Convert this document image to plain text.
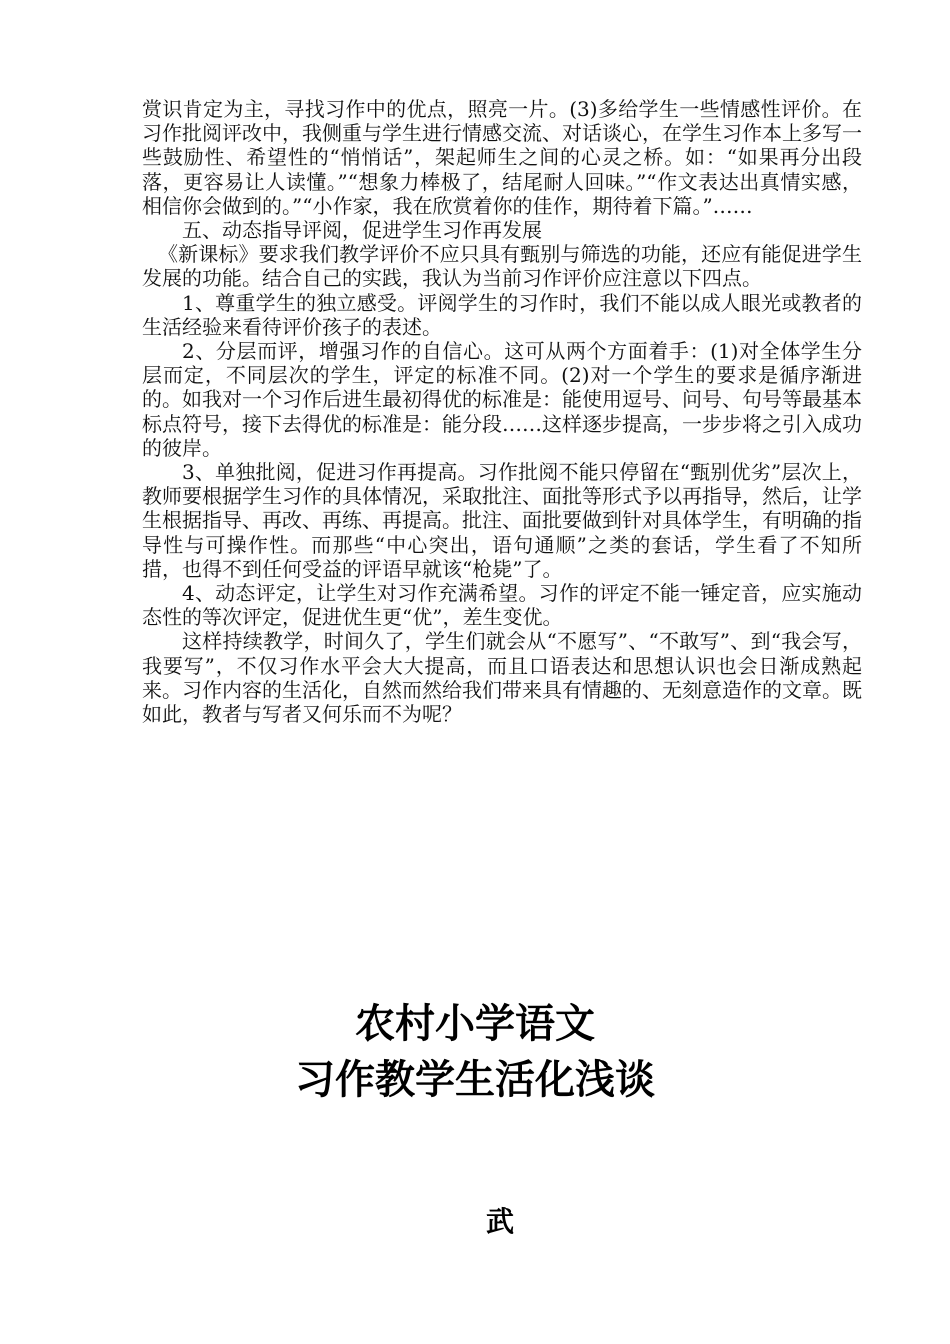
赏识肯定为主，寻找习作中的优点，照亮一片。(3)多给学生一些情感性评价。在习作批阅评改中，我侧重与学生进行情感交流、对话谈心，在学生习作本上多写一些鼓励性、希望性的“悄悄话”，架起师生之间的心灵之桥。如：“如果再分出段落，更容易让人读懂。”“想象力棒极了，结尾耐人回味。”“作文表达出真情实感，相信你会做到的。”“小作家，我在欣赏着你的佳作，期待着下篇。”……

五、动态指导评阅，促进学生习作再发展

《新课标》要求我们教学评价不应只具有甄别与筛选的功能，还应有能促进学生发展的功能。结合自己的实践，我认为当前习作评价应注意以下四点。

1、尊重学生的独立感受。评阅学生的习作时，我们不能以成人眼光或教者的生活经验来看待评价孩子的表述。

2、分层而评，增强习作的自信心。这可从两个方面着手：(1)对全体学生分层而定，不同层次的学生，评定的标准不同。(2)对一个学生的要求是循序渐进的。如我对一个习作后进生最初得优的标准是：能使用逗号、问号、句号等最基本标点符号，接下去得优的标准是：能分段……这样逐步提高，一步步将之引入成功的彼岸。

3、单独批阅，促进习作再提高。习作批阅不能只停留在“甄别优劣”层次上，教师要根据学生习作的具体情况，采取批注、面批等形式予以再指导，然后，让学生根据指导、再改、再练、再提高。批注、面批要做到针对具体学生，有明确的指导性与可操作性。而那些“中心突出，语句通顺”之类的套话，学生看了不知所措，也得不到任何受益的评语早就该“枪毙”了。

4、动态评定，让学生对习作充满希望。习作的评定不能一锤定音，应实施动态性的等次评定，促进优生更“优”，差生变优。

这样持续教学，时间久了，学生们就会从“不愿写”、“不敢写”、到“我会写，我要写”，不仅习作水平会大大提高，而且口语表达和思想认识也会日渐成熟起来。习作内容的生活化，自然而然给我们带来具有情趣的、无刻意造作的文章。既如此，教者与写者又何乐而不为呢？

农村小学语文
习作教学生活化浅谈
武
